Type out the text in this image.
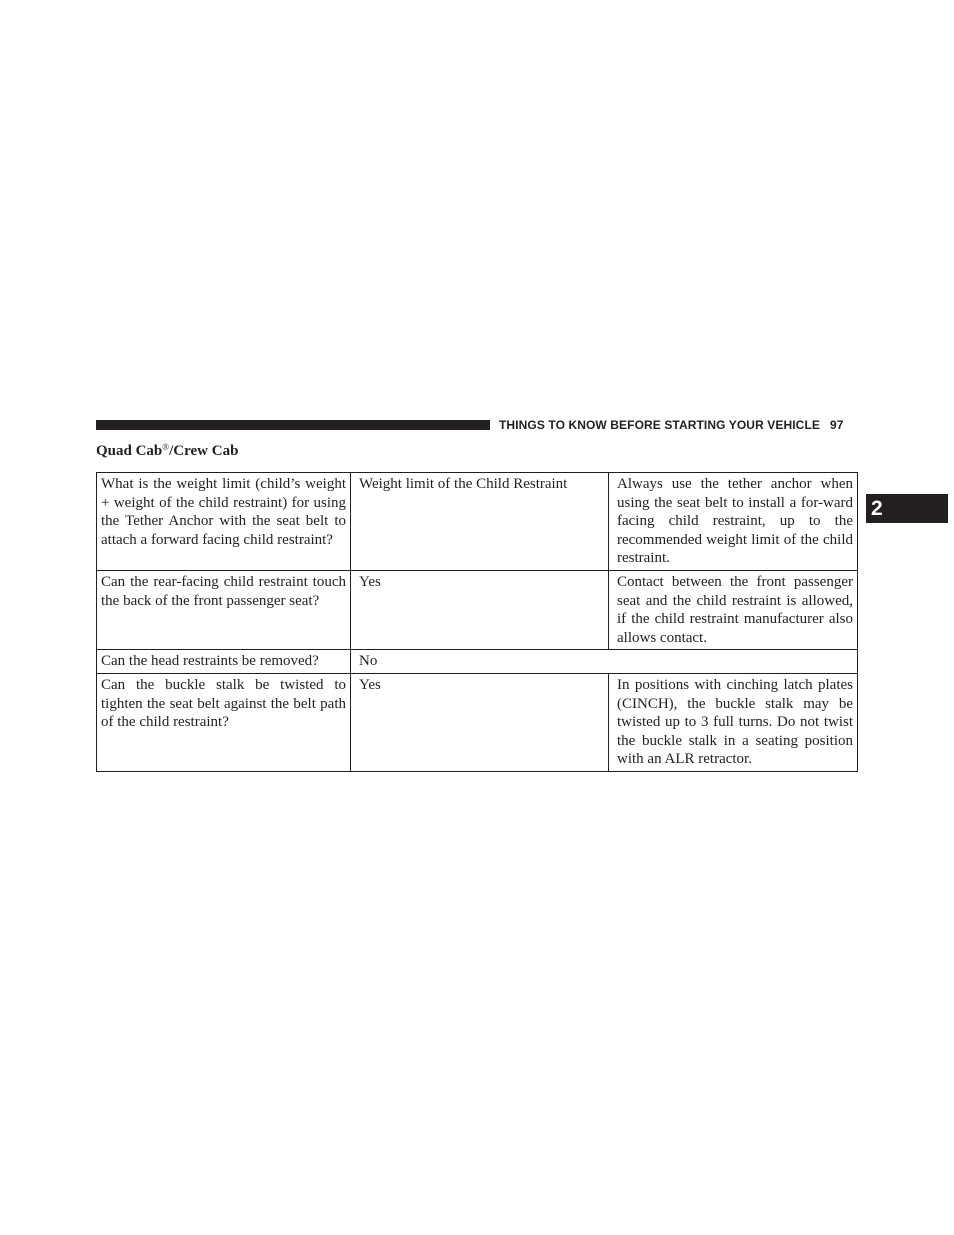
THINGS TO KNOW BEFORE STARTING YOUR VEHICLE 97
2
Quad Cab®/Crew Cab
What is the weight limit (child’s weight + weight of the child restraint) for using the Tether Anchor with the seat belt to attach a forward facing child restraint?	Weight limit of the Child Restraint	Always use the tether anchor when using the seat belt to install a for-ward facing child restraint, up to the recommended weight limit of the child restraint.
Can the rear-facing child restraint touch the back of the front passenger seat?	Yes	Contact between the front passenger seat and the child restraint is allowed, if the child restraint manufacturer also allows contact.
Can the head restraints be removed?	No	
Can the buckle stalk be twisted to tighten the seat belt against the belt path of the child restraint?	Yes	In positions with cinching latch plates (CINCH), the buckle stalk may be twisted up to 3 full turns. Do not twist the buckle stalk in a seating position with an ALR retractor.
